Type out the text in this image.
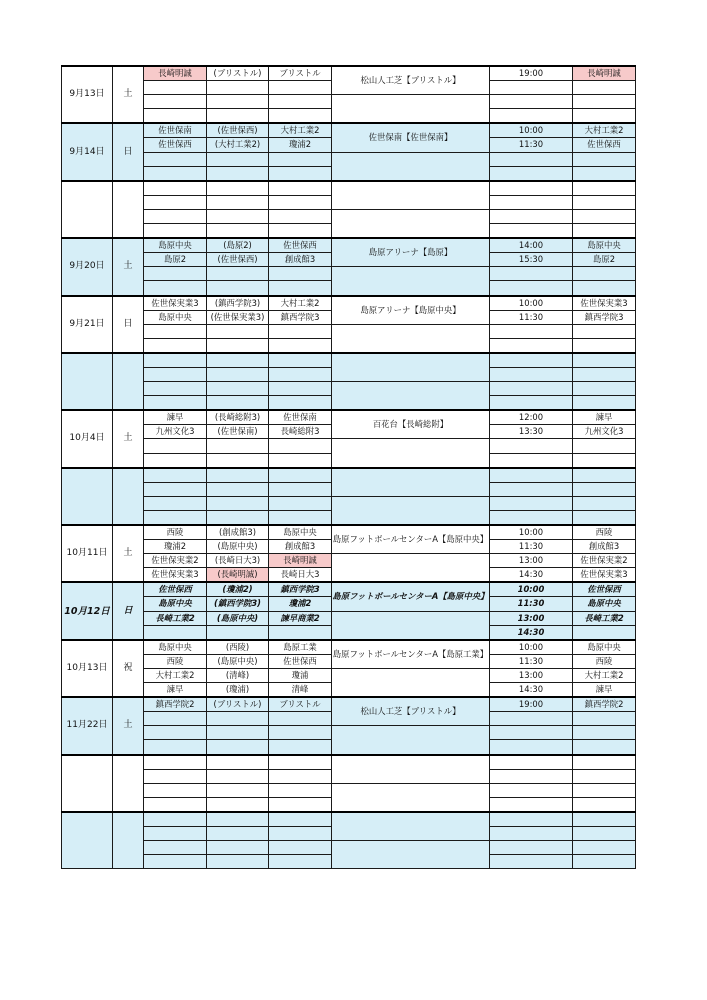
9月13日	土	長崎明誠	(ブリストル)	ブリストル	松山人工芝【ブリストル】	19:00	長崎明誠

9月14日	日	佐世保南	(佐世保西)	大村工業2	佐世保南【佐世保南】	10:00	大村工業2
		佐世保西	(大村工業2)	瓊浦2		11:30	佐世保西

9月20日	土	島原中央	(島原2)	佐世保西	島原アリーナ【島原】	14:00	島原中央
		島原2	(佐世保西)	創成館3		15:30	島原2

9月21日	日	佐世保実業3	(鎮西学院3)	大村工業2	島原アリーナ【島原中央】	10:00	佐世保実業3
		島原中央	(佐世保実業3)	鎮西学院3		11:30	鎮西学院3

10月4日	土	諫早	(長崎総附3)	佐世保南	百花台【長崎総附】	12:00	諫早
		九州文化3	(佐世保南)	長崎総附3		13:30	九州文化3

10月11日	土	西陵	(創成館3)	島原中央	島原フットボールセンターA【島原中央】	10:00	西陵
		瓊浦2	(島原中央)	創成館3		11:30	創成館3
		佐世保実業2	(長崎日大3)	長崎明誠		13:00	佐世保実業2
		佐世保実業3	(長崎明誠)	長崎日大3		14:30	佐世保実業3
10月12日	日	佐世保西	(瓊浦2)	鎮西学院3	島原フットボールセンターA【島原中央】	10:00	佐世保西
		島原中央	(鎮西学院3)	瓊浦2		11:30	島原中央
		長崎工業2	(島原中央)	諫早商業2		13:00	長崎工業2
						14:30	
10月13日	祝	島原中央	(西陵)	島原工業	島原フットボールセンターA【島原工業】	10:00	島原中央
		西陵	(島原中央)	佐世保西		11:30	西陵
		大村工業2	(清峰)	瓊浦		13:00	大村工業2
		諫早	(瓊浦)	清峰		14:30	諫早
11月22日	土	鎮西学院2	(ブリストル)	ブリストル	松山人工芝【ブリストル】	19:00	鎮西学院2
